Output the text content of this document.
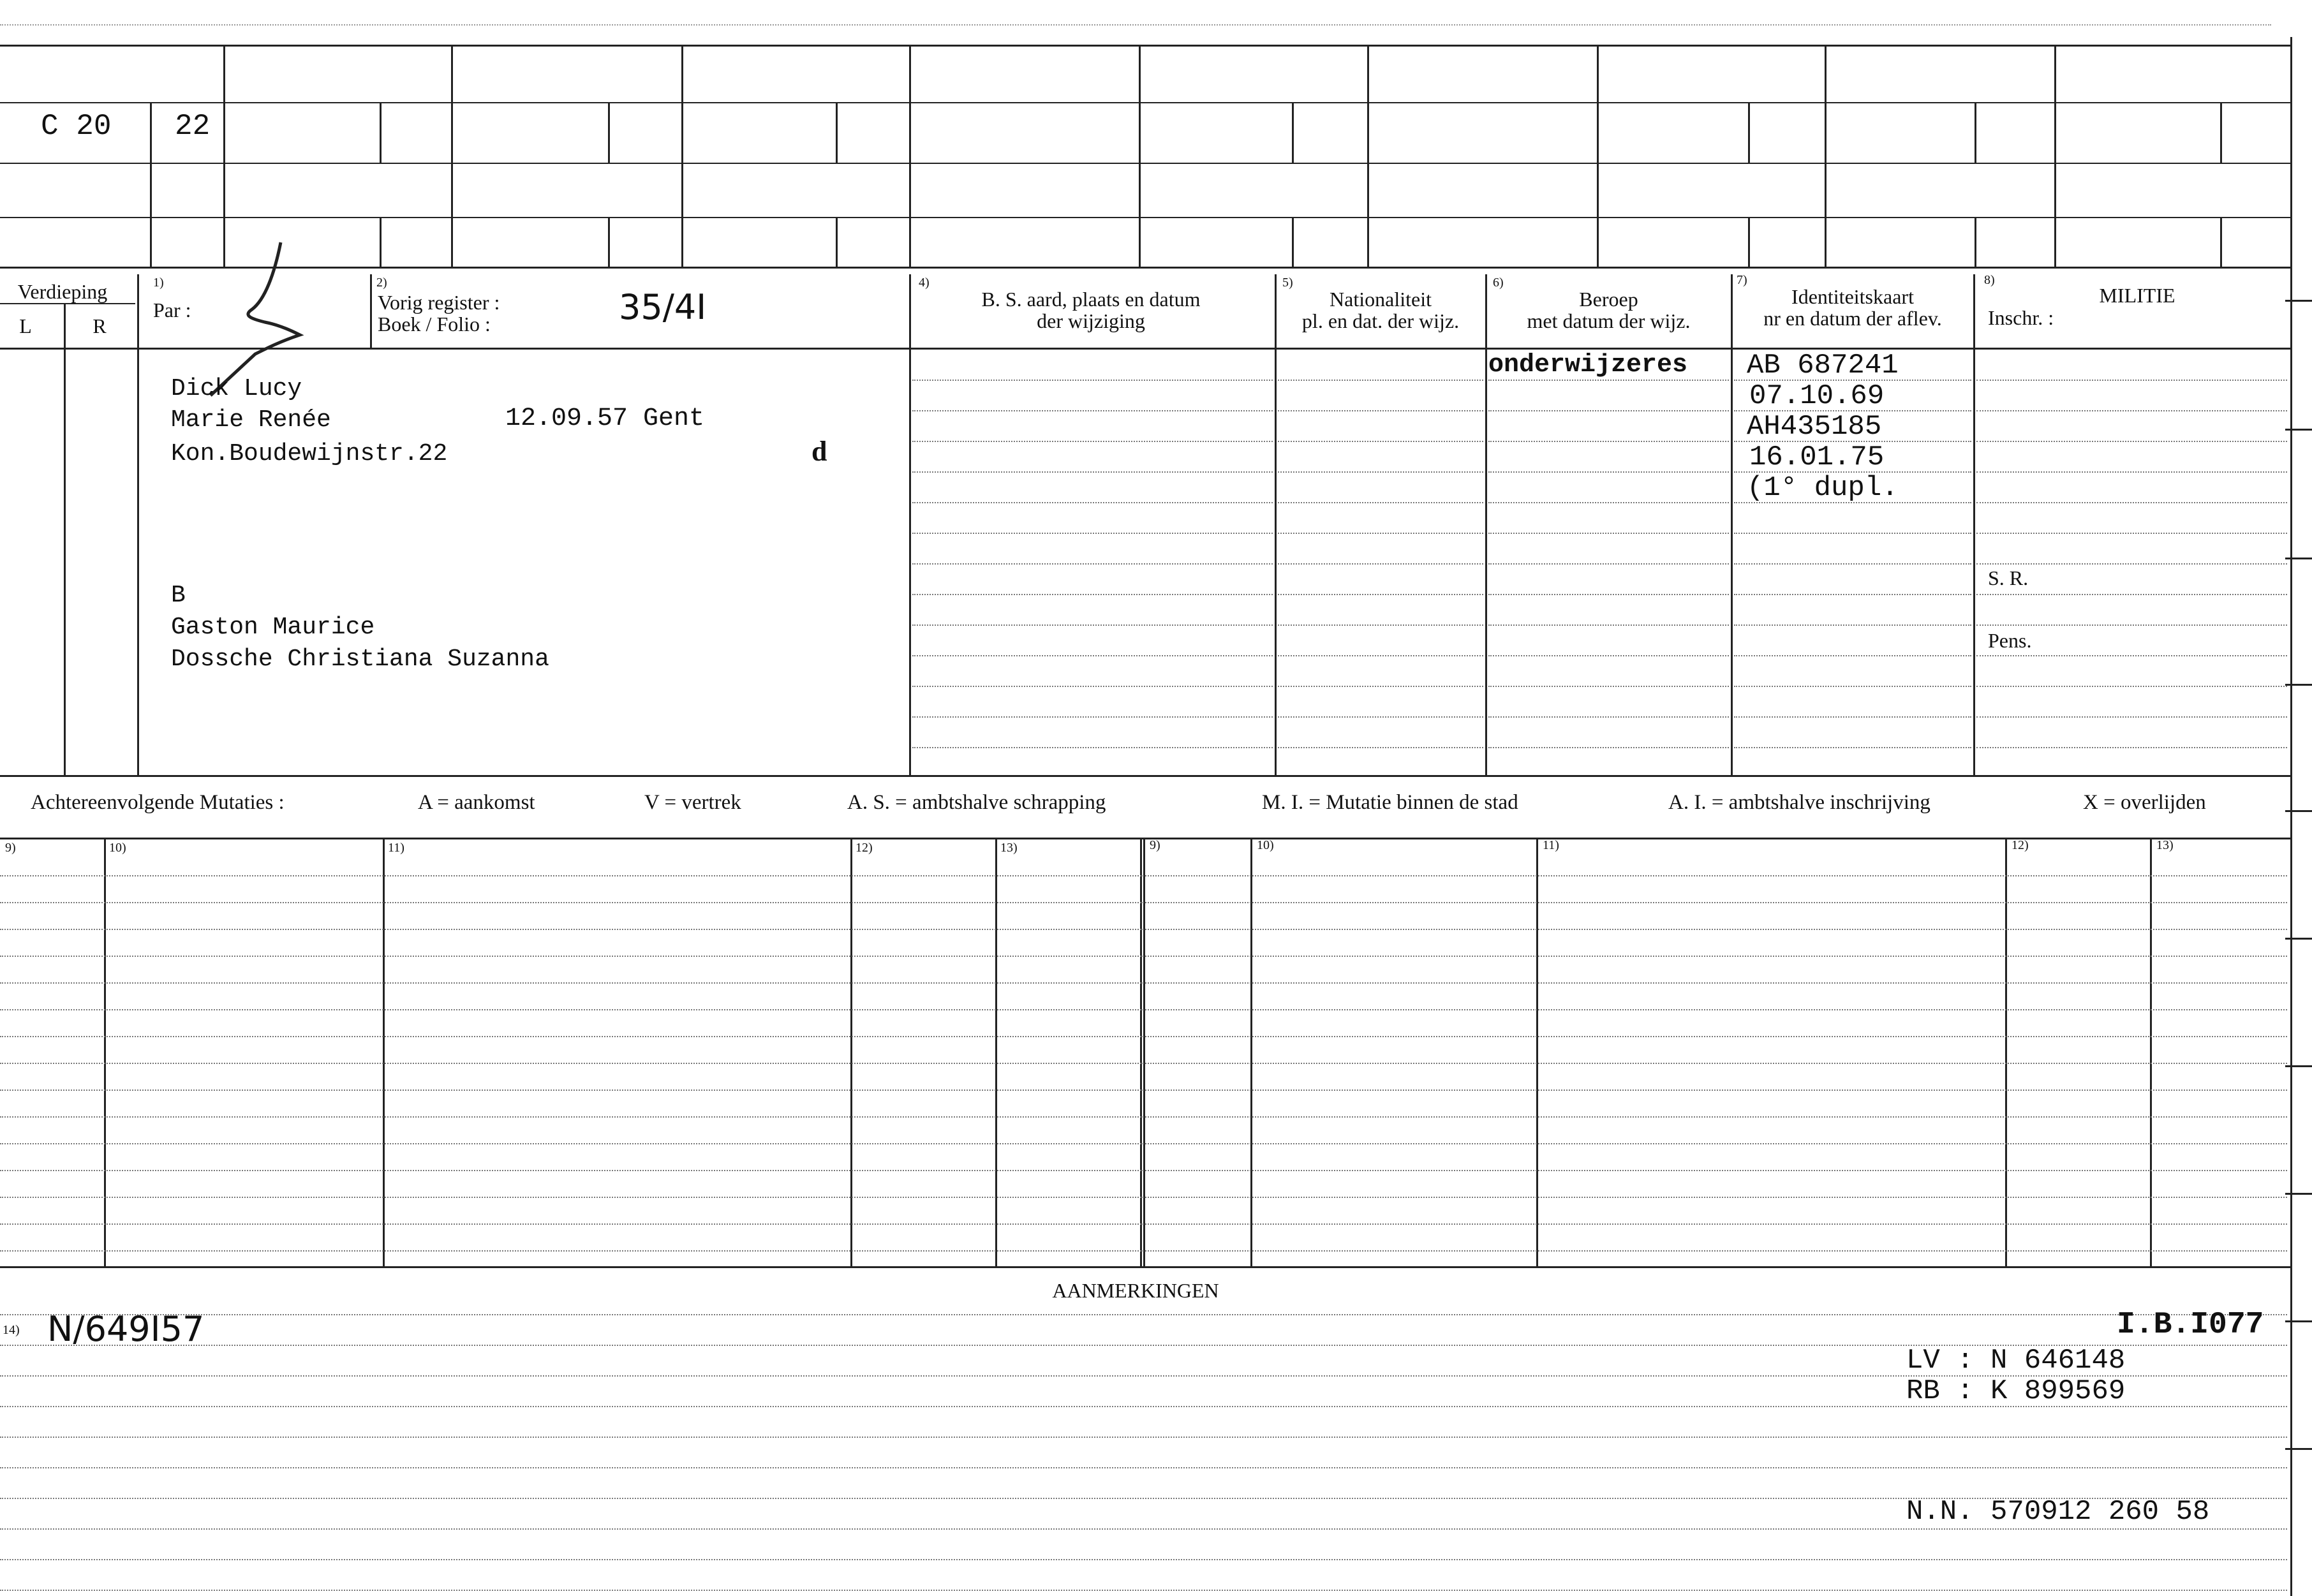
C 20 22
Verdieping
L	R
1)
Par :
2)
Vorig register :
Boek / Folio :	35/4I
4)
B. S. aard, plaats en datum
der wijziging
5)
Nationaliteit
pl. en dat. der wijz.
6)
Beroep
met datum der wijz.
7)
Identiteitskaart
nr en datum der aflev.
8)
MILITIE
Inschr. :
Dick Lucy
Marie Renée	12.09.57 Gent
Kon.Boudewijnstr.22	d
B
Gaston Maurice
Dossche Christiana Suzanna
onderwijzeres	AB 687241
07.10.69
AH435185
16.01.75
(1° dupl.
S. R.
Pens.
Achtereenvolgende Mutaties :	A = aankomst	V = vertrek	A. S. = ambtshalve schrapping	M. I. = Mutatie binnen de stad	A. I. = ambtshalve inschrijving	X = overlijden
9)	10)	11)	12)	13)	9)	10)	11)	12)	13)
AANMERKINGEN
14) N/649I57	I.B.I077
LV : N 646148
RB : K 899569
N.N. 570912 260 58
